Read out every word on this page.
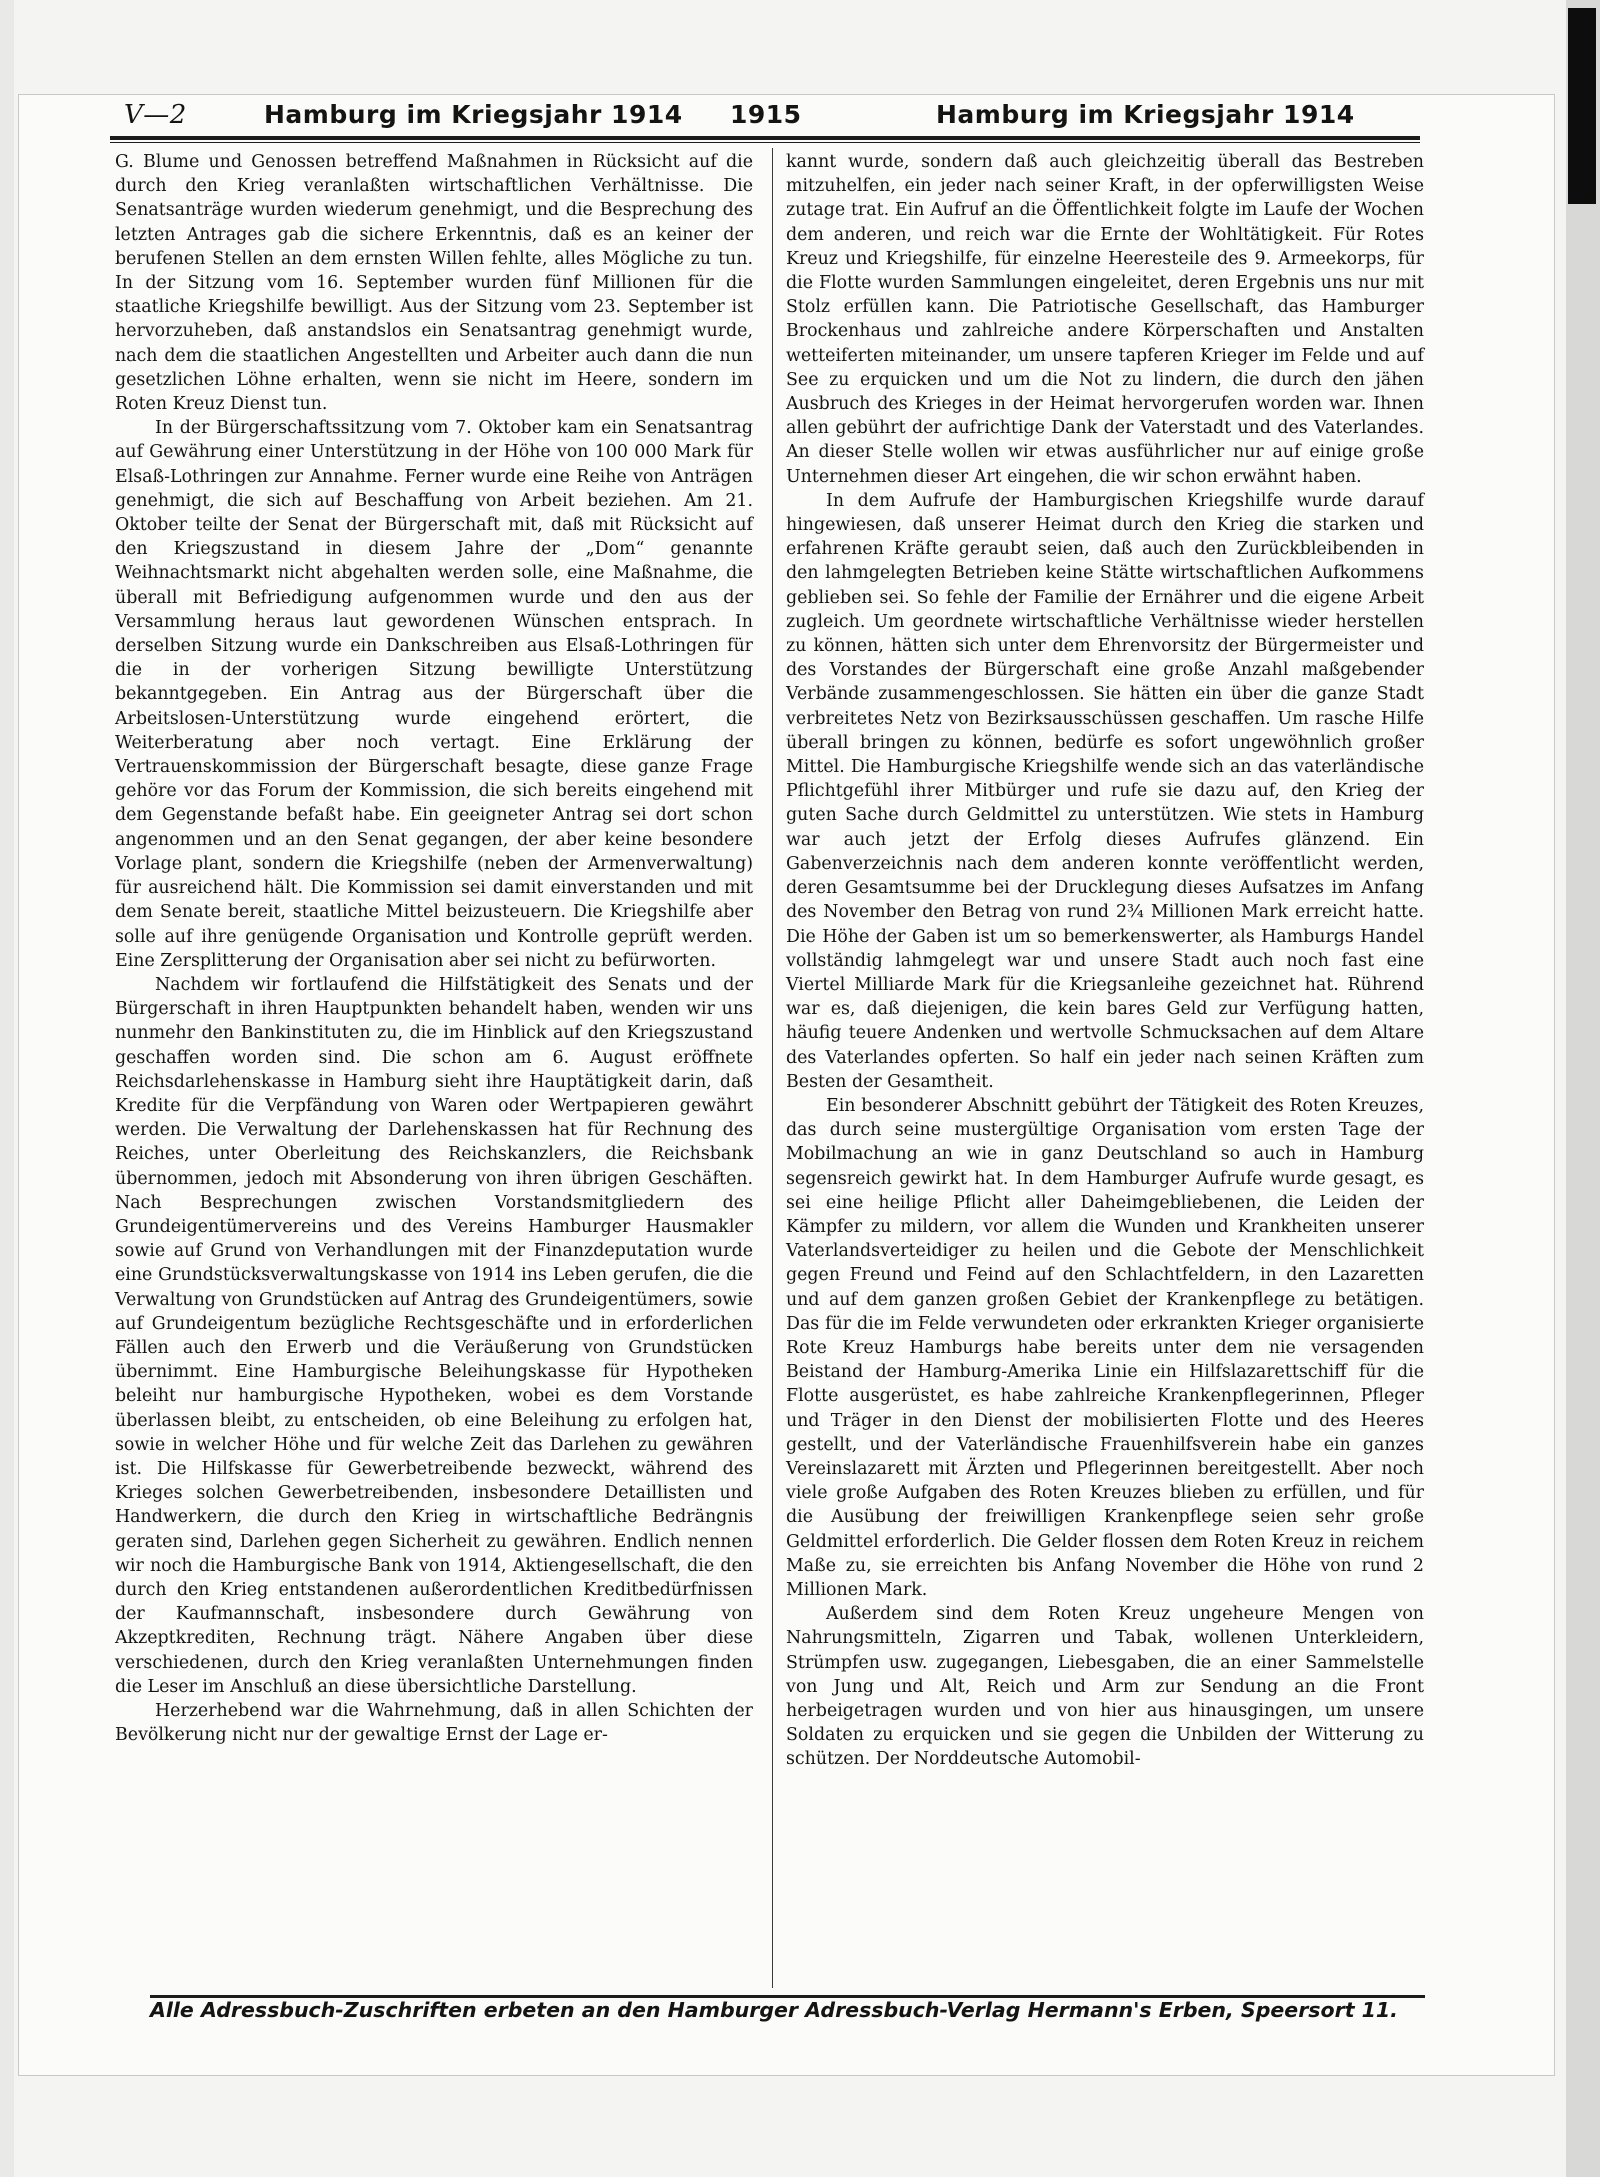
V—2	Hamburg im Kriegsjahr 1914 1915	Hamburg im Kriegsjahr 1914

G. Blume und Genossen betreffend Maßnahmen in Rücksicht auf die durch den Krieg veranlaßten wirtschaftlichen Verhältnisse. Die Senatsanträge wurden wiederum genehmigt, und die Besprechung des letzten Antrages gab die sichere Erkenntnis, daß es an keiner der berufenen Stellen an dem ernsten Willen fehlte, alles Mögliche zu tun. In der Sitzung vom 16. September wurden fünf Millionen für die staatliche Kriegshilfe bewilligt. Aus der Sitzung vom 23. September ist hervorzuheben, daß anstandslos ein Senatsantrag genehmigt wurde, nach dem die staatlichen Angestellten und Arbeiter auch dann die nun gesetzlichen Löhne erhalten, wenn sie nicht im Heere, sondern im Roten Kreuz Dienst tun.

In der Bürgerschaftssitzung vom 7. Oktober kam ein Senatsantrag auf Gewährung einer Unterstützung in der Höhe von 100 000 Mark für Elsaß-Lothringen zur Annahme. Ferner wurde eine Reihe von Anträgen genehmigt, die sich auf Beschaffung von Arbeit beziehen. Am 21. Oktober teilte der Senat der Bürgerschaft mit, daß mit Rücksicht auf den Kriegszustand in diesem Jahre der „Dom“ genannte Weihnachtsmarkt nicht abgehalten werden solle, eine Maßnahme, die überall mit Befriedigung aufgenommen wurde und den aus der Versammlung heraus laut gewordenen Wünschen entsprach. In derselben Sitzung wurde ein Dankschreiben aus Elsaß-Lothringen für die in der vorherigen Sitzung bewilligte Unterstützung bekanntgegeben. Ein Antrag aus der Bürgerschaft über die Arbeitslosen-Unterstützung wurde eingehend erörtert, die Weiterberatung aber noch vertagt. Eine Erklärung der Vertrauenskommission der Bürgerschaft besagte, diese ganze Frage gehöre vor das Forum der Kommission, die sich bereits eingehend mit dem Gegenstande befaßt habe. Ein geeigneter Antrag sei dort schon angenommen und an den Senat gegangen, der aber keine besondere Vorlage plant, sondern die Kriegshilfe (neben der Armenverwaltung) für ausreichend hält. Die Kommission sei damit einverstanden und mit dem Senate bereit, staatliche Mittel beizusteuern. Die Kriegshilfe aber solle auf ihre genügende Organisation und Kontrolle geprüft werden. Eine Zersplitterung der Organisation aber sei nicht zu befürworten.

Nachdem wir fortlaufend die Hilfstätigkeit des Senats und der Bürgerschaft in ihren Hauptpunkten behandelt haben, wenden wir uns nunmehr den Bankinstituten zu, die im Hinblick auf den Kriegszustand geschaffen worden sind. Die schon am 6. August eröffnete Reichsdarlehenskasse in Hamburg sieht ihre Hauptätigkeit darin, daß Kredite für die Verpfändung von Waren oder Wertpapieren gewährt werden. Die Verwaltung der Darlehenskassen hat für Rechnung des Reiches, unter Oberleitung des Reichskanzlers, die Reichsbank übernommen, jedoch mit Absonderung von ihren übrigen Geschäften. Nach Besprechungen zwischen Vorstandsmitgliedern des Grundeigentümervereins und des Vereins Hamburger Hausmakler sowie auf Grund von Verhandlungen mit der Finanzdeputation wurde eine Grundstücksverwaltungskasse von 1914 ins Leben gerufen, die die Verwaltung von Grundstücken auf Antrag des Grundeigentümers, sowie auf Grundeigentum bezügliche Rechtsgeschäfte und in erforderlichen Fällen auch den Erwerb und die Veräußerung von Grundstücken übernimmt. Eine Hamburgische Beleihungskasse für Hypotheken beleiht nur hamburgische Hypotheken, wobei es dem Vorstande überlassen bleibt, zu entscheiden, ob eine Beleihung zu erfolgen hat, sowie in welcher Höhe und für welche Zeit das Darlehen zu gewähren ist. Die Hilfskasse für Gewerbetreibende bezweckt, während des Krieges solchen Gewerbetreibenden, insbesondere Detaillisten und Handwerkern, die durch den Krieg in wirtschaftliche Bedrängnis geraten sind, Darlehen gegen Sicherheit zu gewähren. Endlich nennen wir noch die Hamburgische Bank von 1914, Aktiengesellschaft, die den durch den Krieg entstandenen außerordentlichen Kreditbedürfnissen der Kaufmannschaft, insbesondere durch Gewährung von Akzeptkrediten, Rechnung trägt. Nähere Angaben über diese verschiedenen, durch den Krieg veranlaßten Unternehmungen finden die Leser im Anschluß an diese übersichtliche Darstellung.

Herzerhebend war die Wahrnehmung, daß in allen Schichten der Bevölkerung nicht nur der gewaltige Ernst der Lage er-

kannt wurde, sondern daß auch gleichzeitig überall das Bestreben mitzuhelfen, ein jeder nach seiner Kraft, in der opferwilligsten Weise zutage trat. Ein Aufruf an die Öffentlichkeit folgte im Laufe der Wochen dem anderen, und reich war die Ernte der Wohltätigkeit. Für Rotes Kreuz und Kriegshilfe, für einzelne Heeresteile des 9. Armeekorps, für die Flotte wurden Sammlungen eingeleitet, deren Ergebnis uns nur mit Stolz erfüllen kann. Die Patriotische Gesellschaft, das Hamburger Brockenhaus und zahlreiche andere Körperschaften und Anstalten wetteiferten miteinander, um unsere tapferen Krieger im Felde und auf See zu erquicken und um die Not zu lindern, die durch den jähen Ausbruch des Krieges in der Heimat hervorgerufen worden war. Ihnen allen gebührt der aufrichtige Dank der Vaterstadt und des Vaterlandes. An dieser Stelle wollen wir etwas ausführlicher nur auf einige große Unternehmen dieser Art eingehen, die wir schon erwähnt haben.

In dem Aufrufe der Hamburgischen Kriegshilfe wurde darauf hingewiesen, daß unserer Heimat durch den Krieg die starken und erfahrenen Kräfte geraubt seien, daß auch den Zurückbleibenden in den lahmgelegten Betrieben keine Stätte wirtschaftlichen Aufkommens geblieben sei. So fehle der Familie der Ernährer und die eigene Arbeit zugleich. Um geordnete wirtschaftliche Verhältnisse wieder herstellen zu können, hätten sich unter dem Ehrenvorsitz der Bürgermeister und des Vorstandes der Bürgerschaft eine große Anzahl maßgebender Verbände zusammengeschlossen. Sie hätten ein über die ganze Stadt verbreitetes Netz von Bezirksausschüssen geschaffen. Um rasche Hilfe überall bringen zu können, bedürfe es sofort ungewöhnlich großer Mittel. Die Hamburgische Kriegshilfe wende sich an das vaterländische Pflichtgefühl ihrer Mitbürger und rufe sie dazu auf, den Krieg der guten Sache durch Geldmittel zu unterstützen. Wie stets in Hamburg war auch jetzt der Erfolg dieses Aufrufes glänzend. Ein Gabenverzeichnis nach dem anderen konnte veröffentlicht werden, deren Gesamtsumme bei der Drucklegung dieses Aufsatzes im Anfang des November den Betrag von rund 2¾ Millionen Mark erreicht hatte. Die Höhe der Gaben ist um so bemerkenswerter, als Hamburgs Handel vollständig lahmgelegt war und unsere Stadt auch noch fast eine Viertel Milliarde Mark für die Kriegsanleihe gezeichnet hat. Rührend war es, daß diejenigen, die kein bares Geld zur Verfügung hatten, häufig teuere Andenken und wertvolle Schmucksachen auf dem Altare des Vaterlandes opferten. So half ein jeder nach seinen Kräften zum Besten der Gesamtheit.

Ein besonderer Abschnitt gebührt der Tätigkeit des Roten Kreuzes, das durch seine mustergültige Organisation vom ersten Tage der Mobilmachung an wie in ganz Deutschland so auch in Hamburg segensreich gewirkt hat. In dem Hamburger Aufrufe wurde gesagt, es sei eine heilige Pflicht aller Daheimgebliebenen, die Leiden der Kämpfer zu mildern, vor allem die Wunden und Krankheiten unserer Vaterlandsverteidiger zu heilen und die Gebote der Menschlichkeit gegen Freund und Feind auf den Schlachtfeldern, in den Lazaretten und auf dem ganzen großen Gebiet der Krankenpflege zu betätigen. Das für die im Felde verwundeten oder erkrankten Krieger organisierte Rote Kreuz Hamburgs habe bereits unter dem nie versagenden Beistand der Hamburg-Amerika Linie ein Hilfslazarettschiff für die Flotte ausgerüstet, es habe zahlreiche Krankenpflegerinnen, Pfleger und Träger in den Dienst der mobilisierten Flotte und des Heeres gestellt, und der Vaterländische Frauenhilfsverein habe ein ganzes Vereinslazarett mit Ärzten und Pflegerinnen bereitgestellt. Aber noch viele große Aufgaben des Roten Kreuzes blieben zu erfüllen, und für die Ausübung der freiwilligen Krankenpflege seien sehr große Geldmittel erforderlich. Die Gelder flossen dem Roten Kreuz in reichem Maße zu, sie erreichten bis Anfang November die Höhe von rund 2 Millionen Mark.

Außerdem sind dem Roten Kreuz ungeheure Mengen von Nahrungsmitteln, Zigarren und Tabak, wollenen Unterkleidern, Strümpfen usw. zugegangen, Liebesgaben, die an einer Sammelstelle von Jung und Alt, Reich und Arm zur Sendung an die Front herbeigetragen wurden und von hier aus hinausgingen, um unsere Soldaten zu erquicken und sie gegen die Unbilden der Witterung zu schützen. Der Norddeutsche Automobil-

Alle Adressbuch-Zuschriften erbeten an den Hamburger Adressbuch-Verlag Hermann's Erben, Speersort 11.
